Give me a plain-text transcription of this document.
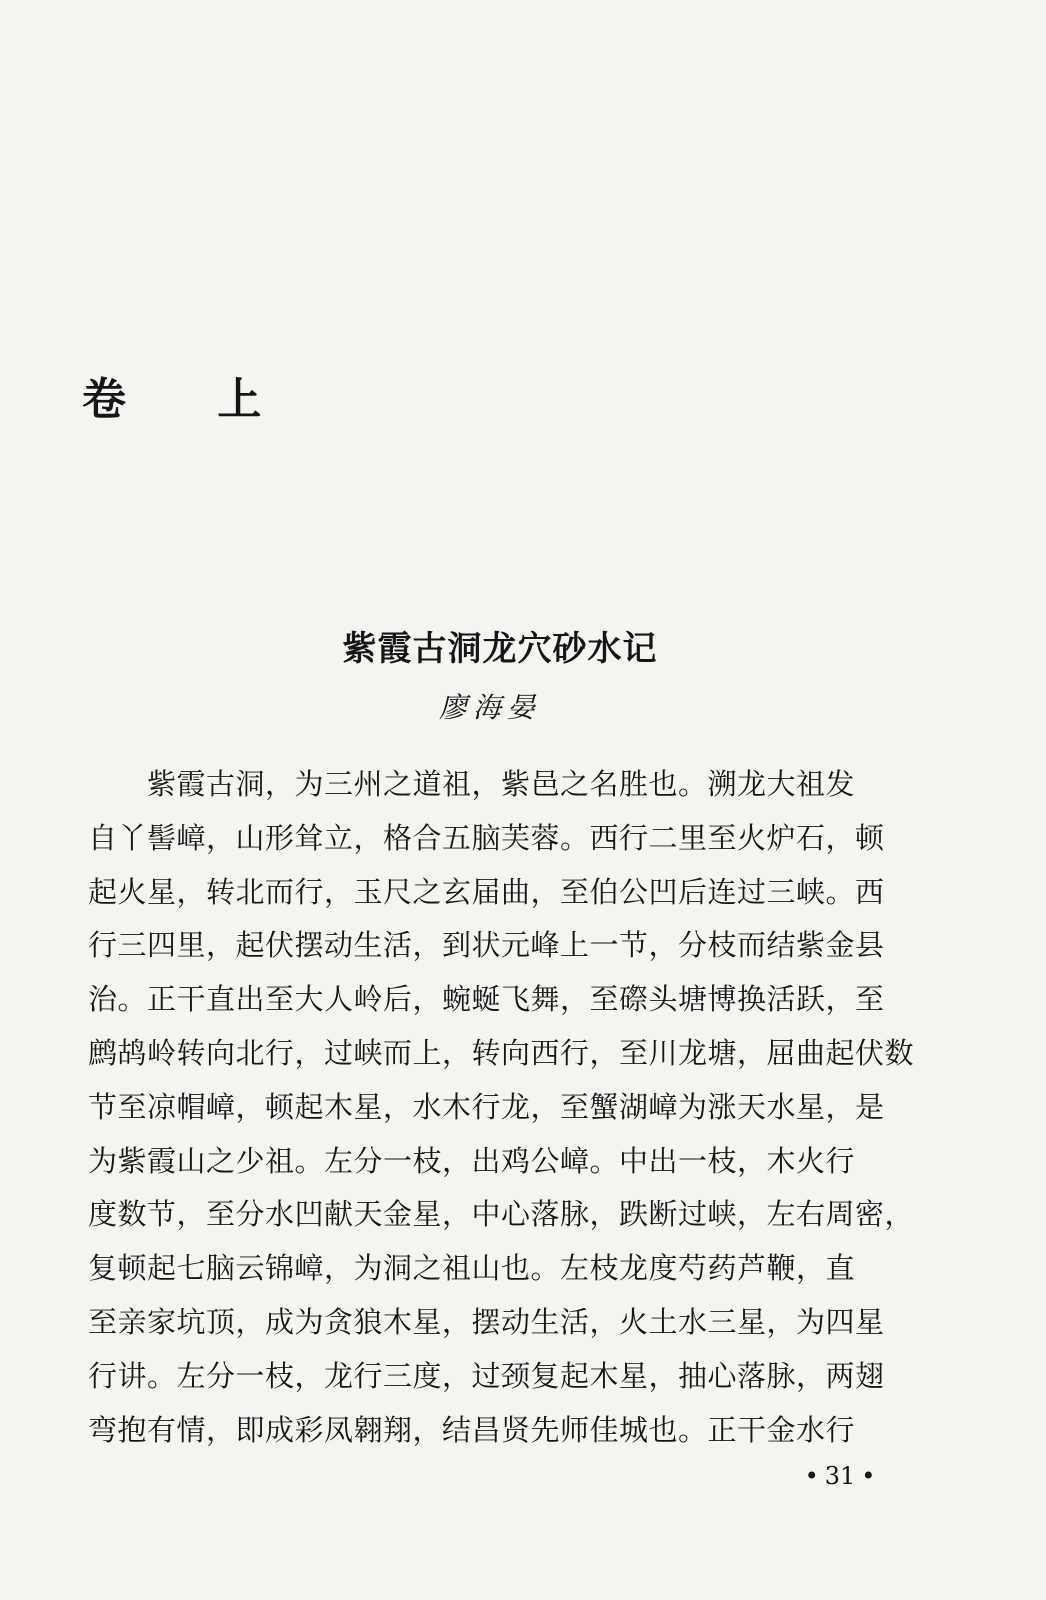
卷 上
紫霞古洞龙穴砂水记
廖海晏
　　紫霞古洞，为三州之道祖，紫邑之名胜也。溯龙大祖发
自丫髻嶂，山形耸立，格合五脑芙蓉。西行二里至火炉石，顿
起火星，转北而行，玉尺之玄届曲，至伯公凹后连过三峡。西
行三四里，起伏摆动生活，到状元峰上一节，分枝而结紫金县
治。正干直出至大人岭后，蜿蜒飞舞，至磜头塘博换活跃，至
鹧鸪岭转向北行，过峡而上，转向西行，至川龙塘，屈曲起伏数
节至凉帽嶂，顿起木星，水木行龙，至蟹湖嶂为涨天水星，是
为紫霞山之少祖。左分一枝，出鸡公嶂。中出一枝，木火行
度数节，至分水凹献天金星，中心落脉，跌断过峡，左右周密，
复顿起七脑云锦嶂，为洞之祖山也。左枝龙度芍药芦鞭，直
至亲家坑顶，成为贪狼木星，摆动生活，火土水三星，为四星
行讲。左分一枝，龙行三度，过颈复起木星，抽心落脉，两翅
弯抱有情，即成彩凤翱翔，结昌贤先师佳城也。正干金水行
• 31 •
